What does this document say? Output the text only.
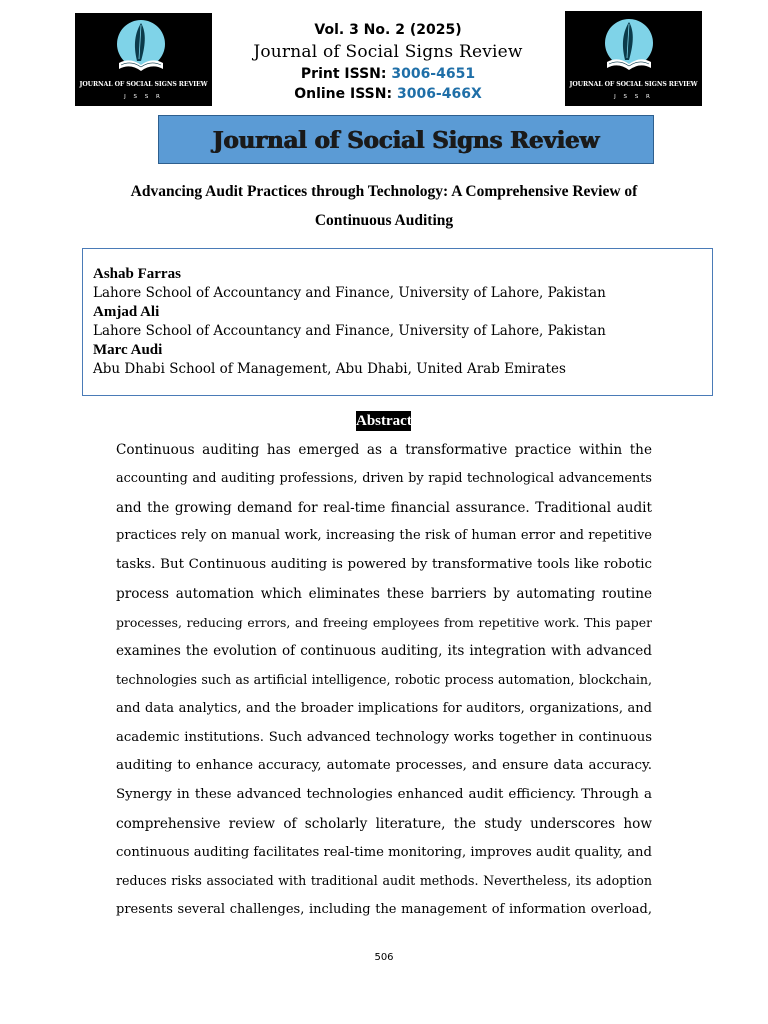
JOURNAL OF SOCIAL SIGNS REVIEW
J S S R
JOURNAL OF SOCIAL SIGNS REVIEW
J S S R
Vol. 3 No. 2 (2025)
Journal of Social Signs Review
Print ISSN: 3006-4651
Online ISSN: 3006-466X
Journal of Social Signs Review
Advancing Audit Practices through Technology: A Comprehensive Review of
Continuous Auditing
Ashab Farras
Lahore School of Accountancy and Finance, University of Lahore, Pakistan
Amjad Ali
Lahore School of Accountancy and Finance, University of Lahore, Pakistan
Marc Audi
Abu Dhabi School of Management, Abu Dhabi, United Arab Emirates
Abstract
Continuous auditing has emerged as a transformative practice within the
accounting and auditing professions, driven by rapid technological advancements
and the growing demand for real-time financial assurance. Traditional audit
practices rely on manual work, increasing the risk of human error and repetitive
tasks. But Continuous auditing is powered by transformative tools like robotic
process automation which eliminates these barriers by automating routine
processes, reducing errors, and freeing employees from repetitive work. This paper
examines the evolution of continuous auditing, its integration with advanced
technologies such as artificial intelligence, robotic process automation, blockchain,
and data analytics, and the broader implications for auditors, organizations, and
academic institutions. Such advanced technology works together in continuous
auditing to enhance accuracy, automate processes, and ensure data accuracy.
Synergy in these advanced technologies enhanced audit efficiency. Through a
comprehensive review of scholarly literature, the study underscores how
continuous auditing facilitates real-time monitoring, improves audit quality, and
reduces risks associated with traditional audit methods. Nevertheless, its adoption
presents several challenges, including the management of information overload,
506
